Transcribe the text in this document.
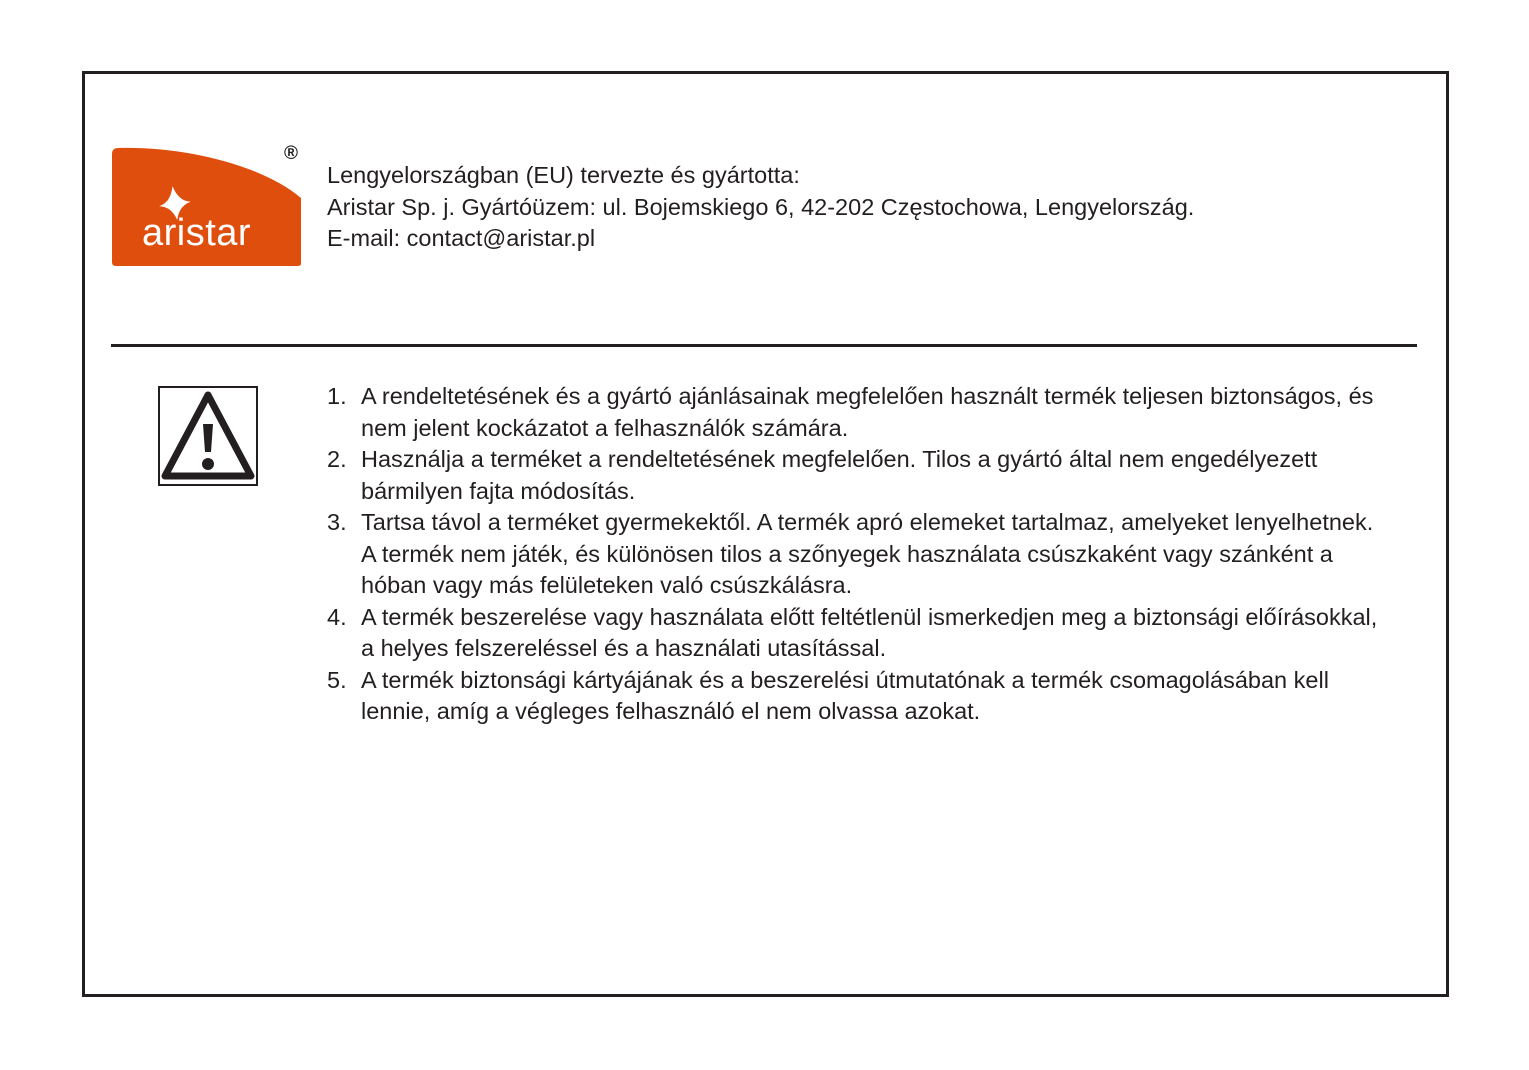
aristar
®
Lengyelországban (EU) tervezte és gyártotta:
Aristar Sp. j. Gyártóüzem: ul. Bojemskiego 6, 42-202 Częstochowa, Lengyelország.
E-mail: contact@aristar.pl
1. A rendeltetésének és a gyártó ajánlásainak megfelelően használt termék teljesen biztonságos, és nem jelent kockázatot a felhasználók számára.
2. Használja a terméket a rendeltetésének megfelelően. Tilos a gyártó által nem engedélyezett bármilyen fajta módosítás.
3. Tartsa távol a terméket gyermekektől. A termék apró elemeket tartalmaz, amelyeket lenyelhetnek. A termék nem játék, és különösen tilos a szőnyegek használata csúszkaként vagy szánként a hóban vagy más felületeken való csúszkálásra.
4. A termék beszerelése vagy használata előtt feltétlenül ismerkedjen meg a biztonsági előírásokkal, a helyes felszereléssel és a használati utasítással.
5. A termék biztonsági kártyájának és a beszerelési útmutatónak a termék csomagolásában kell lennie, amíg a végleges felhasználó el nem olvassa azokat.
